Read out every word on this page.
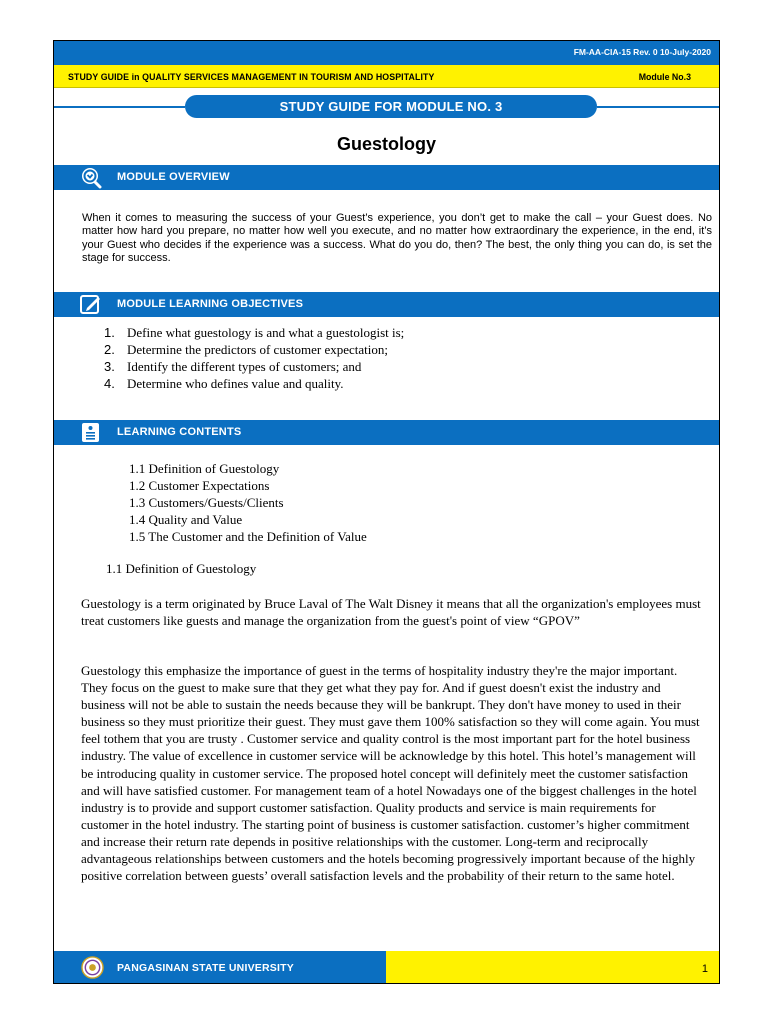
FM-AA-CIA-15 Rev. 0 10-July-2020
STUDY GUIDE in QUALITY SERVICES MANAGEMENT IN TOURISM AND HOSPITALITY	Module No.3
STUDY GUIDE FOR MODULE NO. 3
Guestology
MODULE OVERVIEW
When it comes to measuring the success of your Guest’s experience, you don’t get to make the call – your Guest does. No matter how hard you prepare, no matter how well you execute, and no matter how extraordinary the experience, in the end, it’s your Guest who decides if the experience was a success. What do you do, then? The best, the only thing you can do, is set the stage for success.
MODULE LEARNING OBJECTIVES
1. Define what guestology is and what a guestologist is;
2. Determine the predictors of customer expectation;
3. Identify the different types of customers; and
4. Determine who defines value and quality.
LEARNING CONTENTS
1.1 Definition of Guestology
1.2 Customer Expectations
1.3 Customers/Guests/Clients
1.4 Quality and Value
1.5 The Customer and the Definition of Value
1.1 Definition of Guestology

Guestology is a term originated by Bruce Laval of The Walt Disney it means that all the organization's employees must treat customers like guests and manage the organization from the guest's point of view “GPOV”

Guestology this emphasize the importance of guest in the terms of hospitality industry they're the major important. They focus on the guest to make sure that they get what they pay for. And if guest doesn't exist the industry and business will not be able to sustain the needs because they will be bankrupt. They don't have money to used in their business so they must prioritize their guest. They must gave them 100% satisfaction so they will come again. You must feel tothem that you are trusty . Customer service and quality control is the most important part for the hotel business industry. The value of excellence in customer service will be acknowledge by this hotel. This hotel’s management will be introducing quality in customer service. The proposed hotel concept will definitely meet the customer satisfaction and will have satisfied customer. For management team of a hotel Nowadays one of the biggest challenges in the hotel industry is to provide and support customer satisfaction. Quality products and service is main requirements for customer in the hotel industry. The starting point of business is customer satisfaction. customer’s higher commitment and increase their return rate depends in positive relationships with the customer. Long-term and reciprocally advantageous relationships between customers and the hotels becoming progressively important because of the highly positive correlation between guests’ overall satisfaction levels and the probability of their return to the same hotel.

PANGASINAN STATE UNIVERSITY	1
